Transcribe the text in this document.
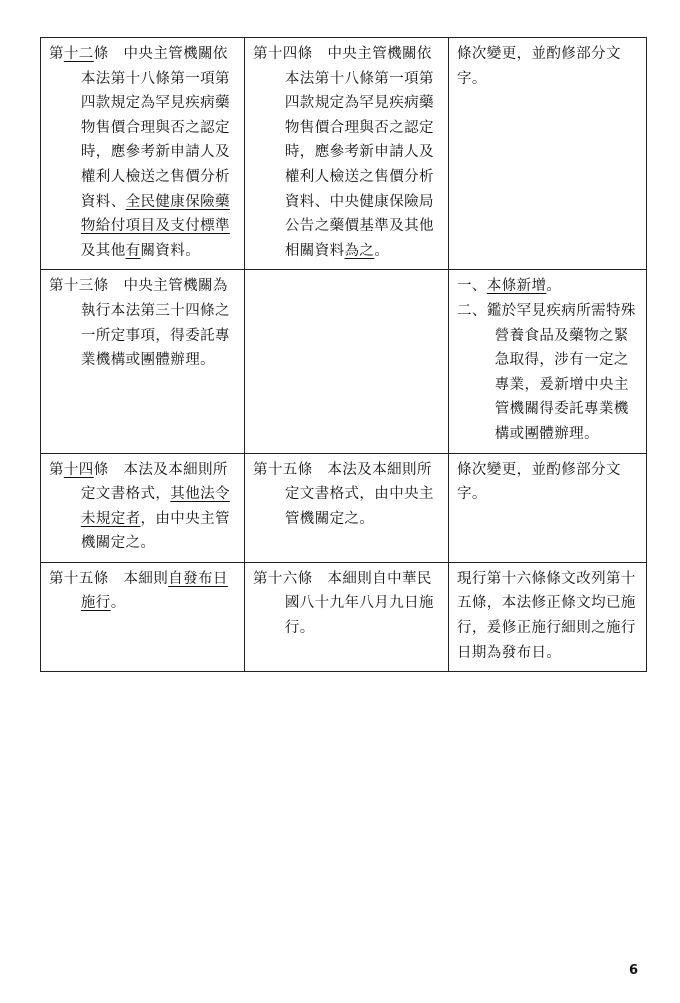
第十二條　中央主管機關依本法第十八條第一項第四款規定為罕見疾病藥物售價合理與否之認定時，應參考新申請人及權利人檢送之售價分析資料、全民健康保險藥物給付項目及支付標準及其他有關資料。	第十四條　中央主管機關依本法第十八條第一項第四款規定為罕見疾病藥物售價合理與否之認定時，應參考新申請人及權利人檢送之售價分析資料、中央健康保險局公告之藥價基準及其他相關資料為之。	條次變更，並酌修部分文字。

第十三條　中央主管機關為執行本法第三十四條之一所定事項，得委託專業機構或團體辦理。		一、本條新增。
二、鑑於罕見疾病所需特殊營養食品及藥物之緊急取得，涉有一定之專業，爰新增中央主管機關得委託專業機構或團體辦理。

第十四條　本法及本細則所定文書格式，其他法令未規定者，由中央主管機關定之。	第十五條　本法及本細則所定文書格式，由中央主管機關定之。	條次變更，並酌修部分文字。

第十五條　本細則自發布日施行。	第十六條　本細則自中華民國八十九年八月九日施行。	現行第十六條條文改列第十五條，本法修正條文均已施行，爰修正施行細則之施行日期為發布日。
6
